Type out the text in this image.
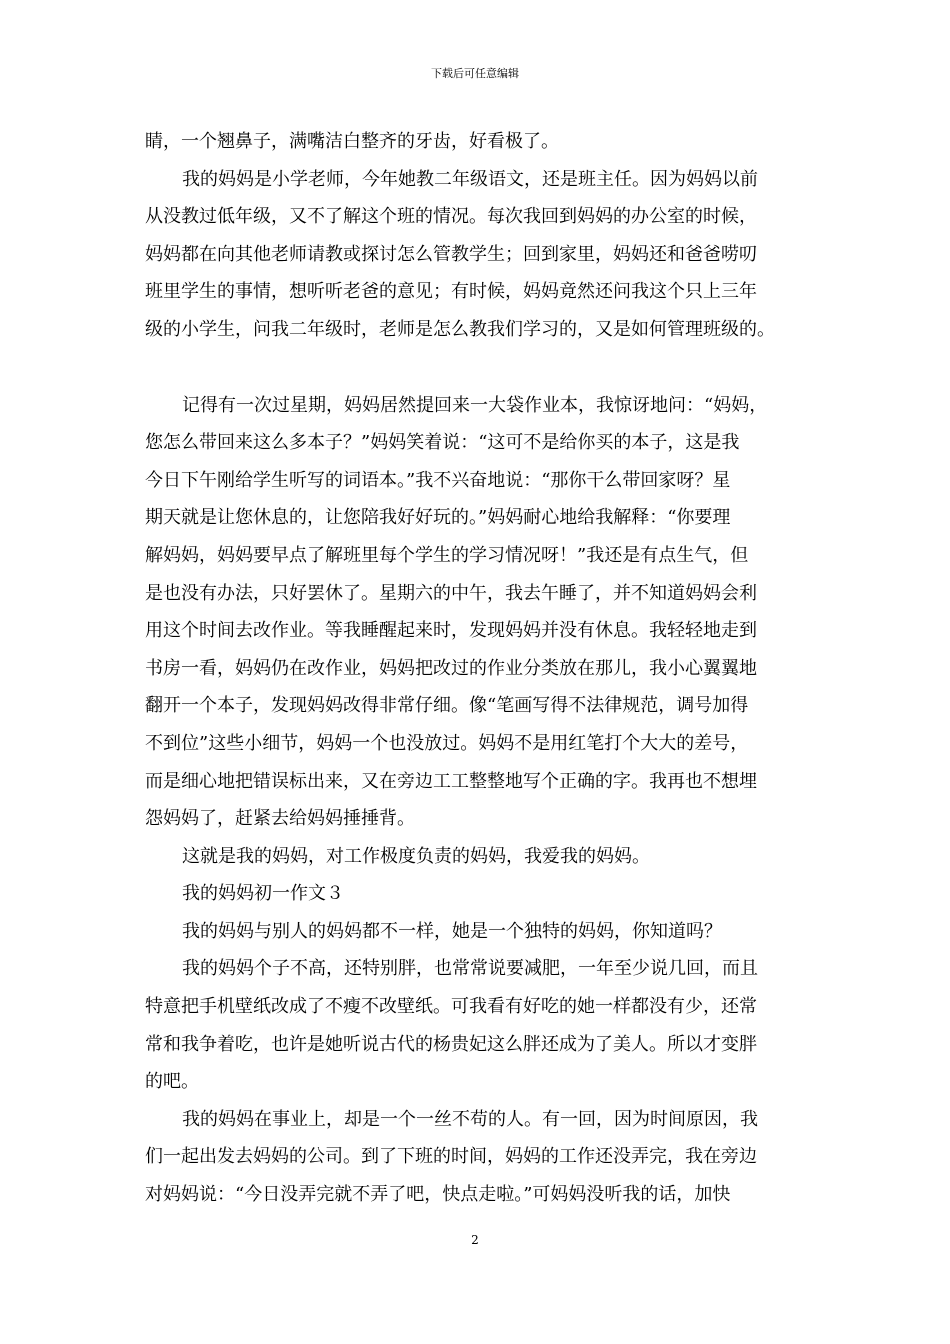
下载后可任意编辑
睛，一个翘鼻子，满嘴洁白整齐的牙齿，好看极了。
我的妈妈是小学老师，今年她教二年级语文，还是班主任。因为妈妈以前
从没教过低年级，又不了解这个班的情况。每次我回到妈妈的办公室的时候，
妈妈都在向其他老师请教或探讨怎么管教学生；回到家里，妈妈还和爸爸唠叨
班里学生的事情，想听听老爸的意见；有时候，妈妈竟然还问我这个只上三年
级的小学生，问我二年级时，老师是怎么教我们学习的，又是如何管理班级的。
记得有一次过星期，妈妈居然提回来一大袋作业本，我惊讶地问：“妈妈，
您怎么带回来这么多本子？”妈妈笑着说：“这可不是给你买的本子，这是我
今日下午刚给学生听写的词语本。”我不兴奋地说：“那你干么带回家呀？星
期天就是让您休息的，让您陪我好好玩的。”妈妈耐心地给我解释：“你要理
解妈妈，妈妈要早点了解班里每个学生的学习情况呀！”我还是有点生气，但
是也没有办法，只好罢休了。星期六的中午，我去午睡了，并不知道妈妈会利
用这个时间去改作业。等我睡醒起来时，发现妈妈并没有休息。我轻轻地走到
书房一看，妈妈仍在改作业，妈妈把改过的作业分类放在那儿，我小心翼翼地
翻开一个本子，发现妈妈改得非常仔细。像“笔画写得不法律规范，调号加得
不到位”这些小细节，妈妈一个也没放过。妈妈不是用红笔打个大大的差号，
而是细心地把错误标出来，又在旁边工工整整地写个正确的字。我再也不想埋
怨妈妈了，赶紧去给妈妈捶捶背。
这就是我的妈妈，对工作极度负责的妈妈，我爱我的妈妈。
我的妈妈初一作文３
我的妈妈与别人的妈妈都不一样，她是一个独特的妈妈，你知道吗？
我的妈妈个子不高，还特别胖，也常常说要减肥，一年至少说几回，而且
特意把手机壁纸改成了不瘦不改壁纸。可我看有好吃的她一样都没有少，还常
常和我争着吃，也许是她听说古代的杨贵妃这么胖还成为了美人。所以才变胖
的吧。
我的妈妈在事业上，却是一个一丝不苟的人。有一回，因为时间原因，我
们一起出发去妈妈的公司。到了下班的时间，妈妈的工作还没弄完，我在旁边
对妈妈说：“今日没弄完就不弄了吧，快点走啦。”可妈妈没听我的话，加快
2
